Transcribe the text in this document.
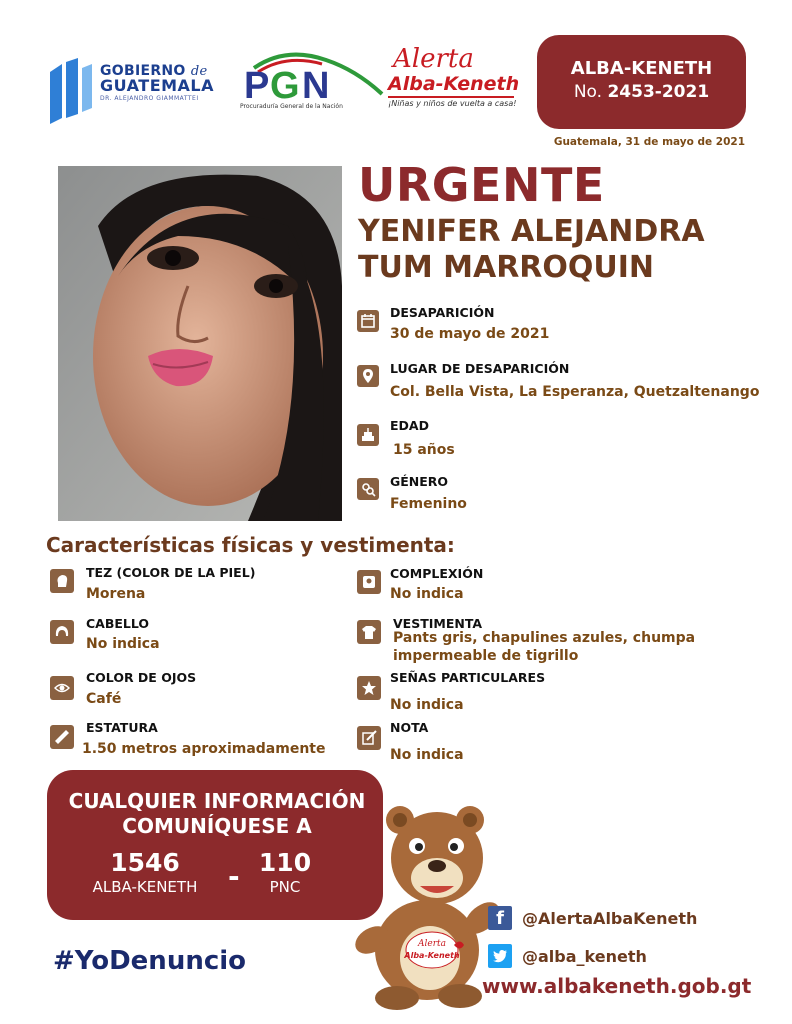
GOBIERNO de
GUATEMALA
DR. ALEJANDRO GIAMMATTEI	P G N
Procuraduría General de la Nación
Alerta
Alba-Keneth
¡Niñas y niños de vuelta a casa!
ALBA-KENETH
No. 2453-2021
Guatemala, 31 de mayo de 2021
URGENTE
YENIFER ALEJANDRA
TUM MARROQUIN
DESAPARICIÓN
30 de mayo de 2021
LUGAR DE DESAPARICIÓN
Col. Bella Vista, La Esperanza, Quetzaltenango
EDAD
15 años
GÉNERO
Femenino
Características físicas y vestimenta:
TEZ (COLOR DE LA PIEL)
Morena
CABELLO
No indica
COLOR DE OJOS
Café
ESTATURA
1.50 metros aproximadamente
COMPLEXIÓN
No indica
VESTIMENTA
Pants gris, chapulines azules, chumpa
impermeable de tigrillo
SEÑAS PARTICULARES
No indica
NOTA
No indica
CUALQUIER INFORMACIÓN
COMUNÍQUESE A
1546
ALBA-KENETH	- 110
PNC
#YoDenuncio
Alerta
Alba-Keneth
f	@AlertaAlbaKeneth
@alba_keneth
www.albakeneth.gob.gt
